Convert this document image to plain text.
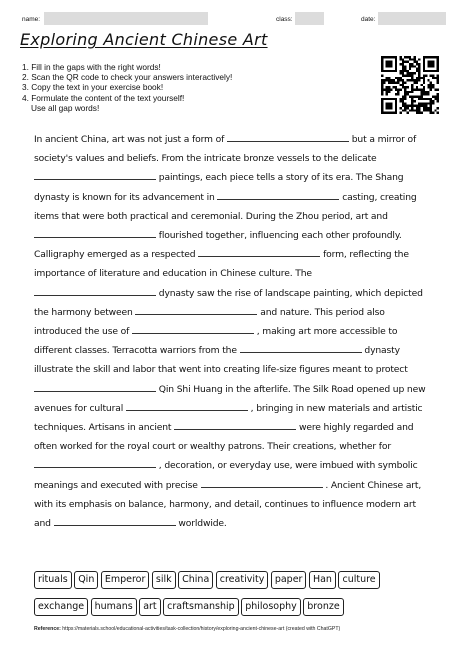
name:	class:	date:
Exploring Ancient Chinese Art
1. Fill in the gaps with the right words!
2. Scan the QR code to check your answers interactively!
3. Copy the text in your exercise book!
4. Formulate the content of the text yourself!
Use all gap words!
In ancient China, art was not just a form of	but a mirror of society's values and beliefs. From the intricate bronze vessels to the delicate  paintings, each piece tells a story of its era. The Shang dynasty is known for its advancement in	casting, creating items that were both practical and ceremonial. During the Zhou period, art and  flourished together, influencing each other profoundly. Calligraphy emerged as a respected	form, reflecting the importance of literature and education in Chinese culture. The  dynasty saw the rise of landscape painting, which depicted the harmony between	and nature. This period also introduced the use of	, making art more accessible to different classes. Terracotta warriors from the	dynasty illustrate the skill and labor that went into creating life-size figures meant to protect  Qin Shi Huang in the afterlife. The Silk Road opened up new avenues for cultural	, bringing in new materials and artistic techniques. Artisans in ancient	were highly regarded and often worked for the royal court or wealthy patrons. Their creations, whether for  , decoration, or everyday use, were imbued with symbolic meanings and executed with precise	. Ancient Chinese art, with its emphasis on balance, harmony, and detail, continues to influence modern art and	worldwide.
rituals Qin Emperor silk China creativity paper Han culture
exchange humans art craftsmanship philosophy bronze
Reference: https://materials.school/educational-activities/task-collection/history/exploring-ancient-chinese-art (created with ChatGPT)
